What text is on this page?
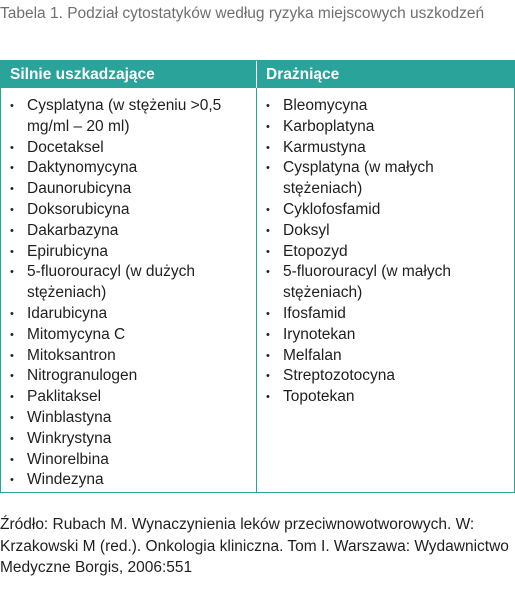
Tabela 1. Podział cytostatyków według ryzyka miejscowych uszkodzeń
Silnie uszkadzające	Drażniące
• Cysplatyna (w stężeniu >0,5 mg/ml – 20 ml)
• Docetaksel
• Daktynomycyna
• Daunorubicyna
• Doksorubicyna
• Dakarbazyna
• Epirubicyna
• 5-fluorouracyl (w dużych stężeniach)
• Idarubicyna
• Mitomycyna C
• Mitoksantron
• Nitrogranulogen
• Paklitaksel
• Winblastyna
• Winkrystyna
• Winorelbina
• Windezyna
• Bleomycyna
• Karboplatyna
• Karmustyna
• Cysplatyna (w małych stężeniach)
• Cyklofosfamid
• Doksyl
• Etopozyd
• 5-fluorouracyl (w małych stężeniach)
• Ifosfamid
• Irynotekan
• Melfalan
• Streptozotocyna
• Topotekan
Źródło: Rubach M. Wynaczynienia leków przeciwnowotworowych. W: Krzakowski M (red.). Onkologia kliniczna. Tom I. Warszawa: Wydawnictwo Medyczne Borgis, 2006:551
